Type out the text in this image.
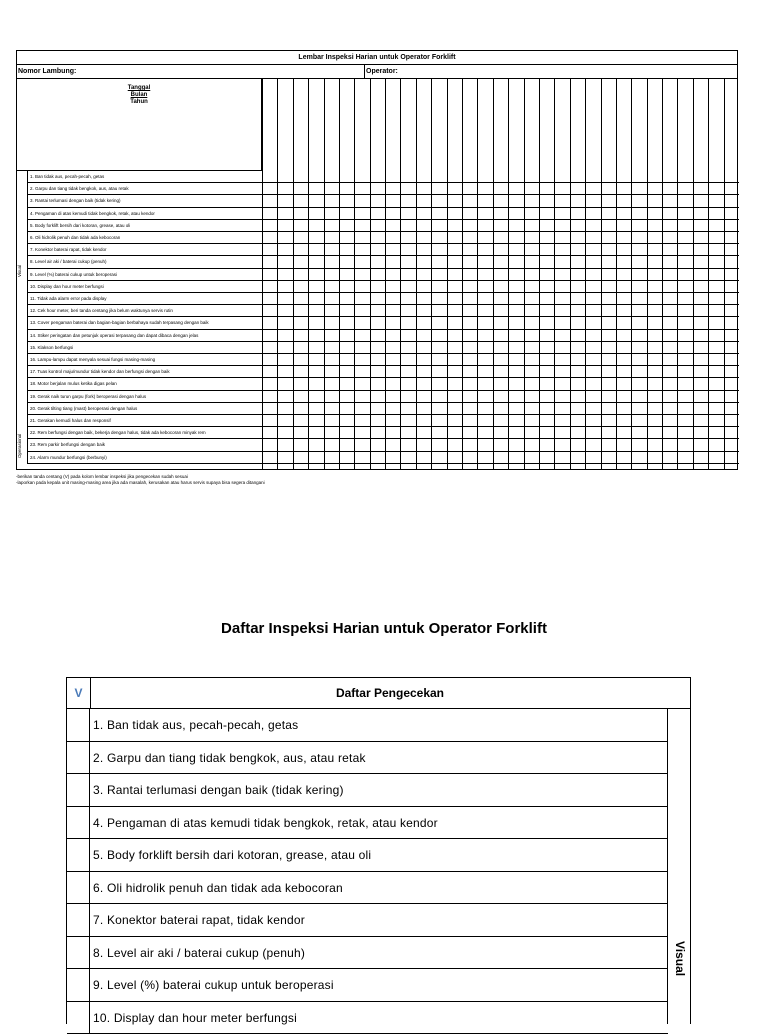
Lembar Inspeksi Harian untuk Operator Forklift
Nomor Lambung:	Operator:
Tanggal
Bulan
Tahun
Visual
Operasional
1. Ban tidak aus, pecah-pecah, getas
2. Garpu dan tiang tidak bengkok, aus, atau retak
3. Rantai terlumasi dengan baik (tidak kering)
4. Pengaman di atas kemudi tidak bengkok, retak, atau kendor
5. Body forklift bersih dari kotoran, grease, atau oli
6. Oli hidrolik penuh dan tidak ada kebocoran
7. Konektor baterai rapat, tidak kendor
8. Level air aki / baterai cukup (penuh)
9. Level (%) baterai cukup untuk beroperasi
10. Display dan hour meter berfungsi
11. Tidak ada alarm error pada display
12. Cek hour meter, beri tanda centang jika belum waktunya servis rutin
13. Cover pengaman baterai dan bagian-bagian berbahaya sudah terpasang dengan baik
14. Stiker peringatan dan petunjuk operasi terpasang dan dapat dibaca dengan jelas
15. Klakson berfungsi
16. Lampu-lampu dapat menyala sesuai fungsi masing-masing
17. Tuas kontrol maju/mundur tidak kendor dan berfungsi dengan baik
18. Motor berjalan mulus ketika digas pelan
19. Gerak naik turun garpu (fork) beroperasi dengan halus
20. Gerak tilting tiang (mast) beroperasi dengan halus
21. Gerakan kemudi halus dan responsif
22. Rem berfungsi dengan baik, bekerja dengan halus, tidak ada kebocoran minyak rem
23. Rem parkir berfungsi dengan baik
24. Alarm mundur berfungsi (berbunyi)
-berikan tanda centang (V) pada kolom lembar inspeksi jika pengecekan sudah sesuai
-laporkan pada kepala unit masing-masing area jika ada masalah, kerusakan atau harus servis supaya bisa segera ditangani
Daftar Inspeksi Harian untuk Operator Forklift
V	Daftar Pengecekan
1. Ban tidak aus, pecah-pecah, getas
2. Garpu dan tiang tidak bengkok, aus, atau retak
3. Rantai terlumasi dengan baik (tidak kering)
4. Pengaman di atas kemudi tidak bengkok, retak, atau kendor
5. Body forklift bersih dari kotoran, grease, atau oli
6. Oli hidrolik penuh dan tidak ada kebocoran
7. Konektor baterai rapat, tidak kendor
8. Level air aki / baterai cukup (penuh)
9. Level (%) baterai cukup untuk beroperasi
10. Display dan hour meter berfungsi
Visual
